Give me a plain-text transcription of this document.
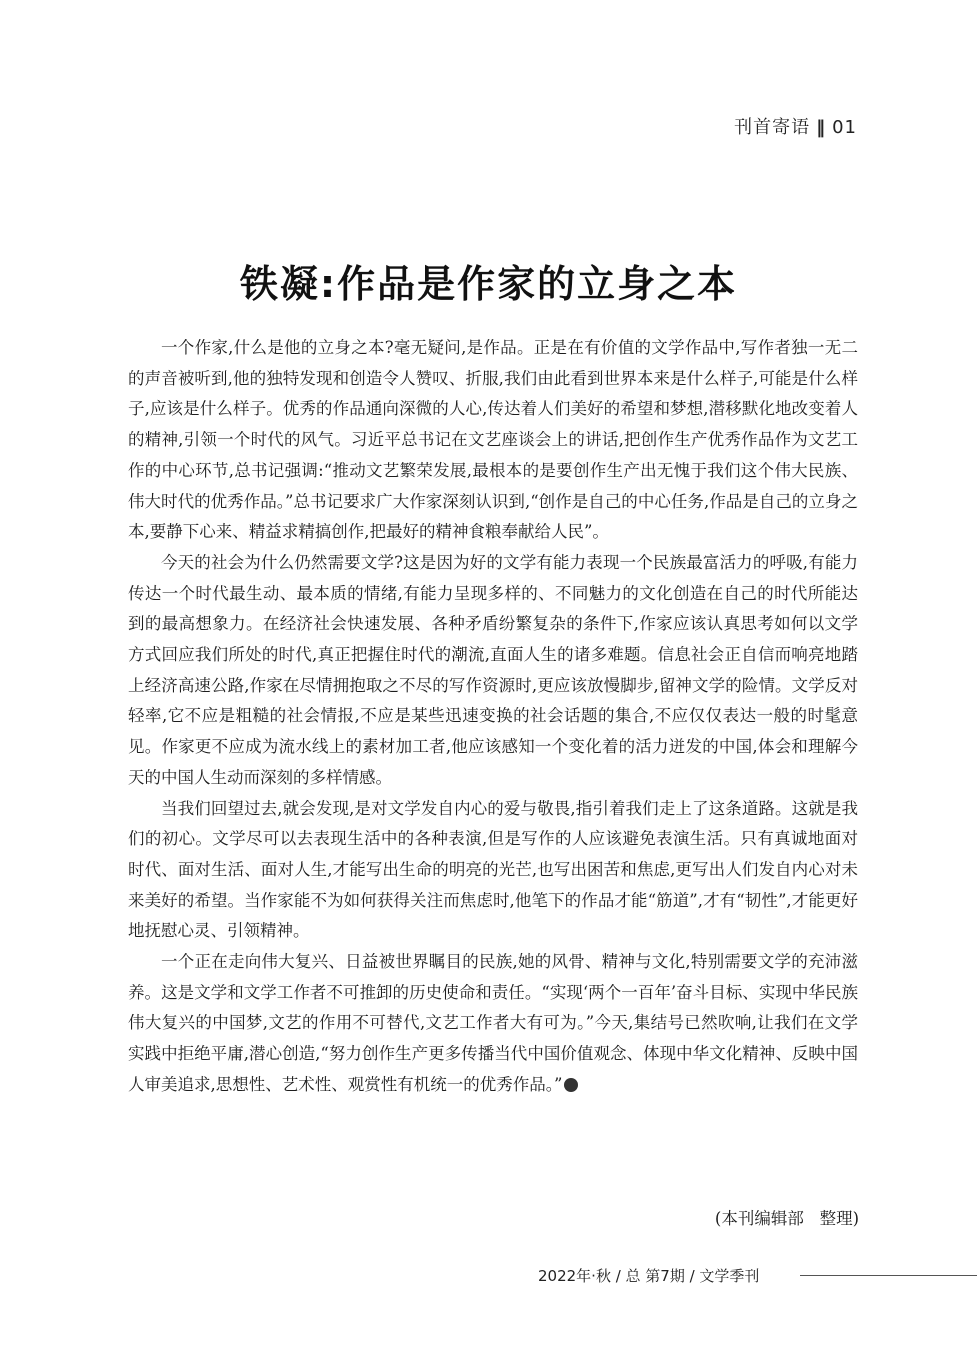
刊首寄语 ‖ 01
铁凝:作品是作家的立身之本

一个作家,什么是他的立身之本?毫无疑问,是作品。正是在有价值的文学作品中,写作者独一无二的声音被听到,他的独特发现和创造令人赞叹、折服,我们由此看到世界本来是什么样子,可能是什么样子,应该是什么样子。优秀的作品通向深微的人心,传达着人们美好的希望和梦想,潜移默化地改变着人的精神,引领一个时代的风气。习近平总书记在文艺座谈会上的讲话,把创作生产优秀作品作为文艺工作的中心环节,总书记强调:“推动文艺繁荣发展,最根本的是要创作生产出无愧于我们这个伟大民族、伟大时代的优秀作品。”总书记要求广大作家深刻认识到,“创作是自己的中心任务,作品是自己的立身之本,要静下心来、精益求精搞创作,把最好的精神食粮奉献给人民”。

今天的社会为什么仍然需要文学?这是因为好的文学有能力表现一个民族最富活力的呼吸,有能力传达一个时代最生动、最本质的情绪,有能力呈现多样的、不同魅力的文化创造在自己的时代所能达到的最高想象力。在经济社会快速发展、各种矛盾纷繁复杂的条件下,作家应该认真思考如何以文学方式回应我们所处的时代,真正把握住时代的潮流,直面人生的诸多难题。信息社会正自信而响亮地踏上经济高速公路,作家在尽情拥抱取之不尽的写作资源时,更应该放慢脚步,留神文学的险情。文学反对轻率,它不应是粗糙的社会情报,不应是某些迅速变换的社会话题的集合,不应仅仅表达一般的时髦意见。作家更不应成为流水线上的素材加工者,他应该感知一个变化着的活力迸发的中国,体会和理解今天的中国人生动而深刻的多样情感。

当我们回望过去,就会发现,是对文学发自内心的爱与敬畏,指引着我们走上了这条道路。这就是我们的初心。文学尽可以去表现生活中的各种表演,但是写作的人应该避免表演生活。只有真诚地面对时代、面对生活、面对人生,才能写出生命的明亮的光芒,也写出困苦和焦虑,更写出人们发自内心对未来美好的希望。当作家能不为如何获得关注而焦虑时,他笔下的作品才能“筋道”,才有“韧性”,才能更好地抚慰心灵、引领精神。

一个正在走向伟大复兴、日益被世界瞩目的民族,她的风骨、精神与文化,特别需要文学的充沛滋养。这是文学和文学工作者不可推卸的历史使命和责任。“实现‘两个一百年’奋斗目标、实现中华民族伟大复兴的中国梦,文艺的作用不可替代,文艺工作者大有可为。”今天,集结号已然吹响,让我们在文学实践中拒绝平庸,潜心创造,“努力创作生产更多传播当代中国价值观念、体现中华文化精神、反映中国人审美追求,思想性、艺术性、观赏性有机统一的优秀作品。”	S

(本刊编辑部   整理)
2022年·秋 / 总 第7期 / 文学季刊
